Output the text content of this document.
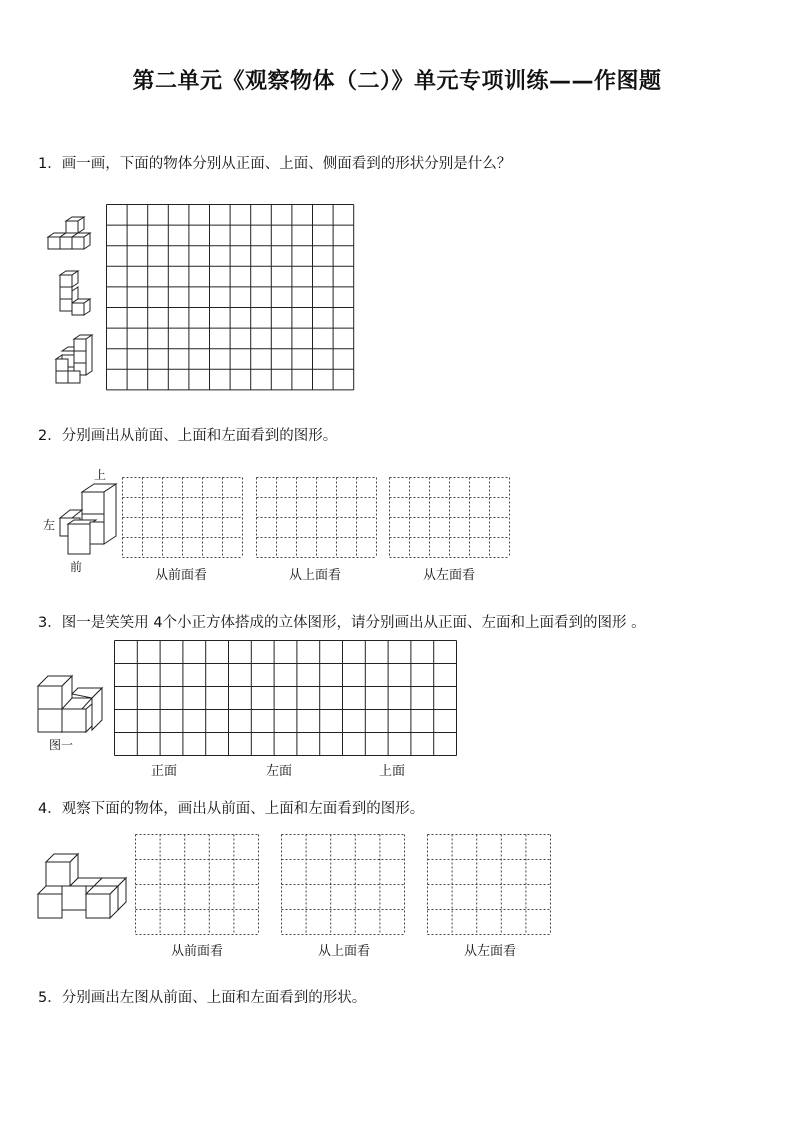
第二单元《观察物体（二）》单元专项训练——作图题
1．画一画，下面的物体分别从正面、上面、侧面看到的形状分别是什么？
2．分别画出从前面、上面和左面看到的图形。
上
左
前
从前面看	从上面看	从左面看
3．图一是笑笑用 4个小正方体搭成的立体图形，请分别画出从正面、左面和上面看到的图形 。
图一
正面	左面	上面
4．观察下面的物体，画出从前面、上面和左面看到的图形。
从前面看	从上面看	从左面看
5．分别画出左图从前面、上面和左面看到的形状。
